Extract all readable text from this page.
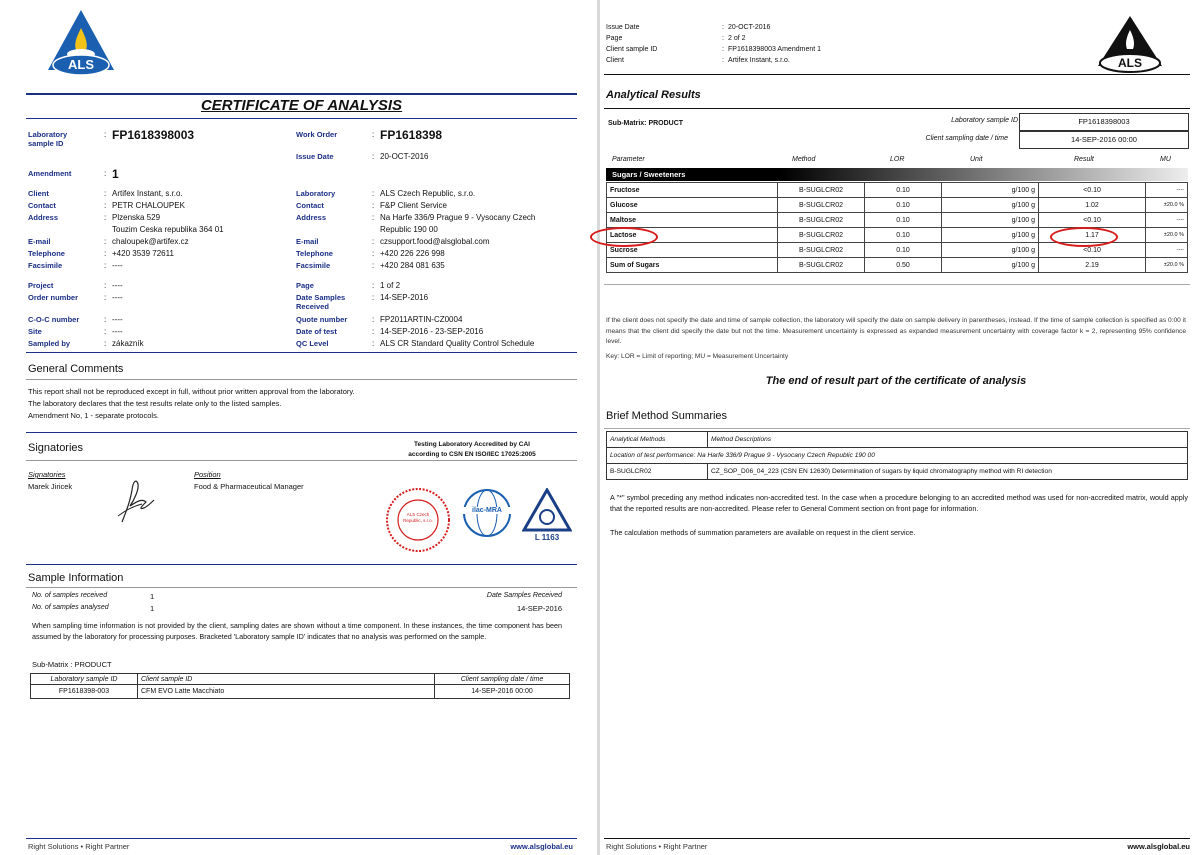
ALS
CERTIFICATE OF ANALYSIS
Laboratory
sample ID
: FP1618398003
Amendment	: 1
Client	: Artifex Instant, s.r.o.
Contact	: PETR CHALOUPEK
Address	: Plzenska 529
Touzim Ceska republika 364 01
E-mail	: chaloupek@artifex.cz
Telephone	: +420 3539 72611
Facsimile	: ----
Project	: ----
Order number	: ----
C-O-C number	: ----
Site	: ----
Sampled by	: zákazník
Work Order	: FP1618398
Issue Date	: 20-OCT-2016
Laboratory	: ALS Czech Republic, s.r.o.
Contact	: F&P Client Service
Address	: Na Harfe 336/9 Prague 9 - Vysocany Czech
Republic 190 00
E-mail	: czsupport.food@alsglobal.com
Telephone	: +420 226 226 998
Facsimile	: +420 284 081 635
Page	: 1 of 2
Date Samples
Received
: 14-SEP-2016
Quote number	: FP2011ARTIN-CZ0004
Date of test	: 14-SEP-2016 - 23-SEP-2016
QC Level	: ALS CR Standard Quality Control Schedule
General Comments
This report shall not be reproduced except in full, without prior written approval from the laboratory.
The laboratory declares that the test results relate only to the listed samples.
Amendment No, 1 - separate protocols.
Signatories	Testing Laboratory Accredited by CAI
according to CSN EN ISO/IEC 17025:2005
Signatories	Position
Marek Jiricek	Food & Pharmaceutical Manager
ALS Czech Republic, s.r.o.
ilac-MRA
L 1163
Sample Information
No. of samples received	1
No. of samples analysed	1
Date Samples Received
14-SEP-2016
When sampling time information is not provided by the client, sampling dates are shown without a time component. In these instances, the time component has been assumed by the laboratory for processing purposes. Bracketed 'Laboratory sample ID' indicates that no analysis was performed on the sample.
Sub-Matrix : PRODUCT
Laboratory sample ID	Client sample ID	Client sampling date / time
FP1618398-003	CFM EVO Latte Macchiato	14-SEP-2016 00:00
Right Solutions • Right Partner	www.alsglobal.eu
Issue Date	: 20-OCT-2016
Page	: 2 of 2
Client sample ID	: FP1618398003 Amendment 1
Client	: Artifex Instant, s.r.o.	ALS
Analytical Results
Sub-Matrix: PRODUCT	Laboratory sample ID	FP1618398003
Client sampling date / time	14-SEP-2016 00:00
Parameter	Method	LOR	Unit	Result	MU
Sugars / Sweeteners
Fructose	B-SUGLCR02	0.10	g/100 g	<0.10	----
Glucose	B-SUGLCR02	0.10	g/100 g	1.02	±20.0 %
Maltose	B-SUGLCR02	0.10	g/100 g	<0.10	----
Lactose	B-SUGLCR02	0.10	g/100 g	1.17	±20.0 %
Sucrose	B-SUGLCR02	0.10	g/100 g	<0.10	----
Sum of Sugars	B-SUGLCR02	0.50	g/100 g	2.19	±20.0 %
If the client does not specify the date and time of sample collection, the laboratory will specify the date on sample delivery in parentheses, instead. If the time of sample collection is specified as 0:00 it means that the client did specify the date but not the time. Measurement uncertainty is expressed as expanded measurement uncertainty with coverage factor k = 2, representing 95% confidence level.
Key: LOR = Limit of reporting; MU = Measurement Uncertainty
The end of result part of the certificate of analysis
Brief Method Summaries
Analytical Methods	Method Descriptions
Location of test performance: Na Harfe 336/9 Prague 9 - Vysocany Czech Republic 190 00	
B-SUGLCR02	CZ_SOP_D06_04_223 (CSN EN 12630) Determination of sugars by liquid chromatography method with RI detection
A "*" symbol preceding any method indicates non-accredited test. In the case when a procedure belonging to an accredited method was used for non-accredited matrix, would apply that the reported results are non-accredited. Please refer to General Comment section on front page for information.
The calculation methods of summation parameters are available on request in the client service.
Right Solutions • Right Partner	www.alsglobal.eu
